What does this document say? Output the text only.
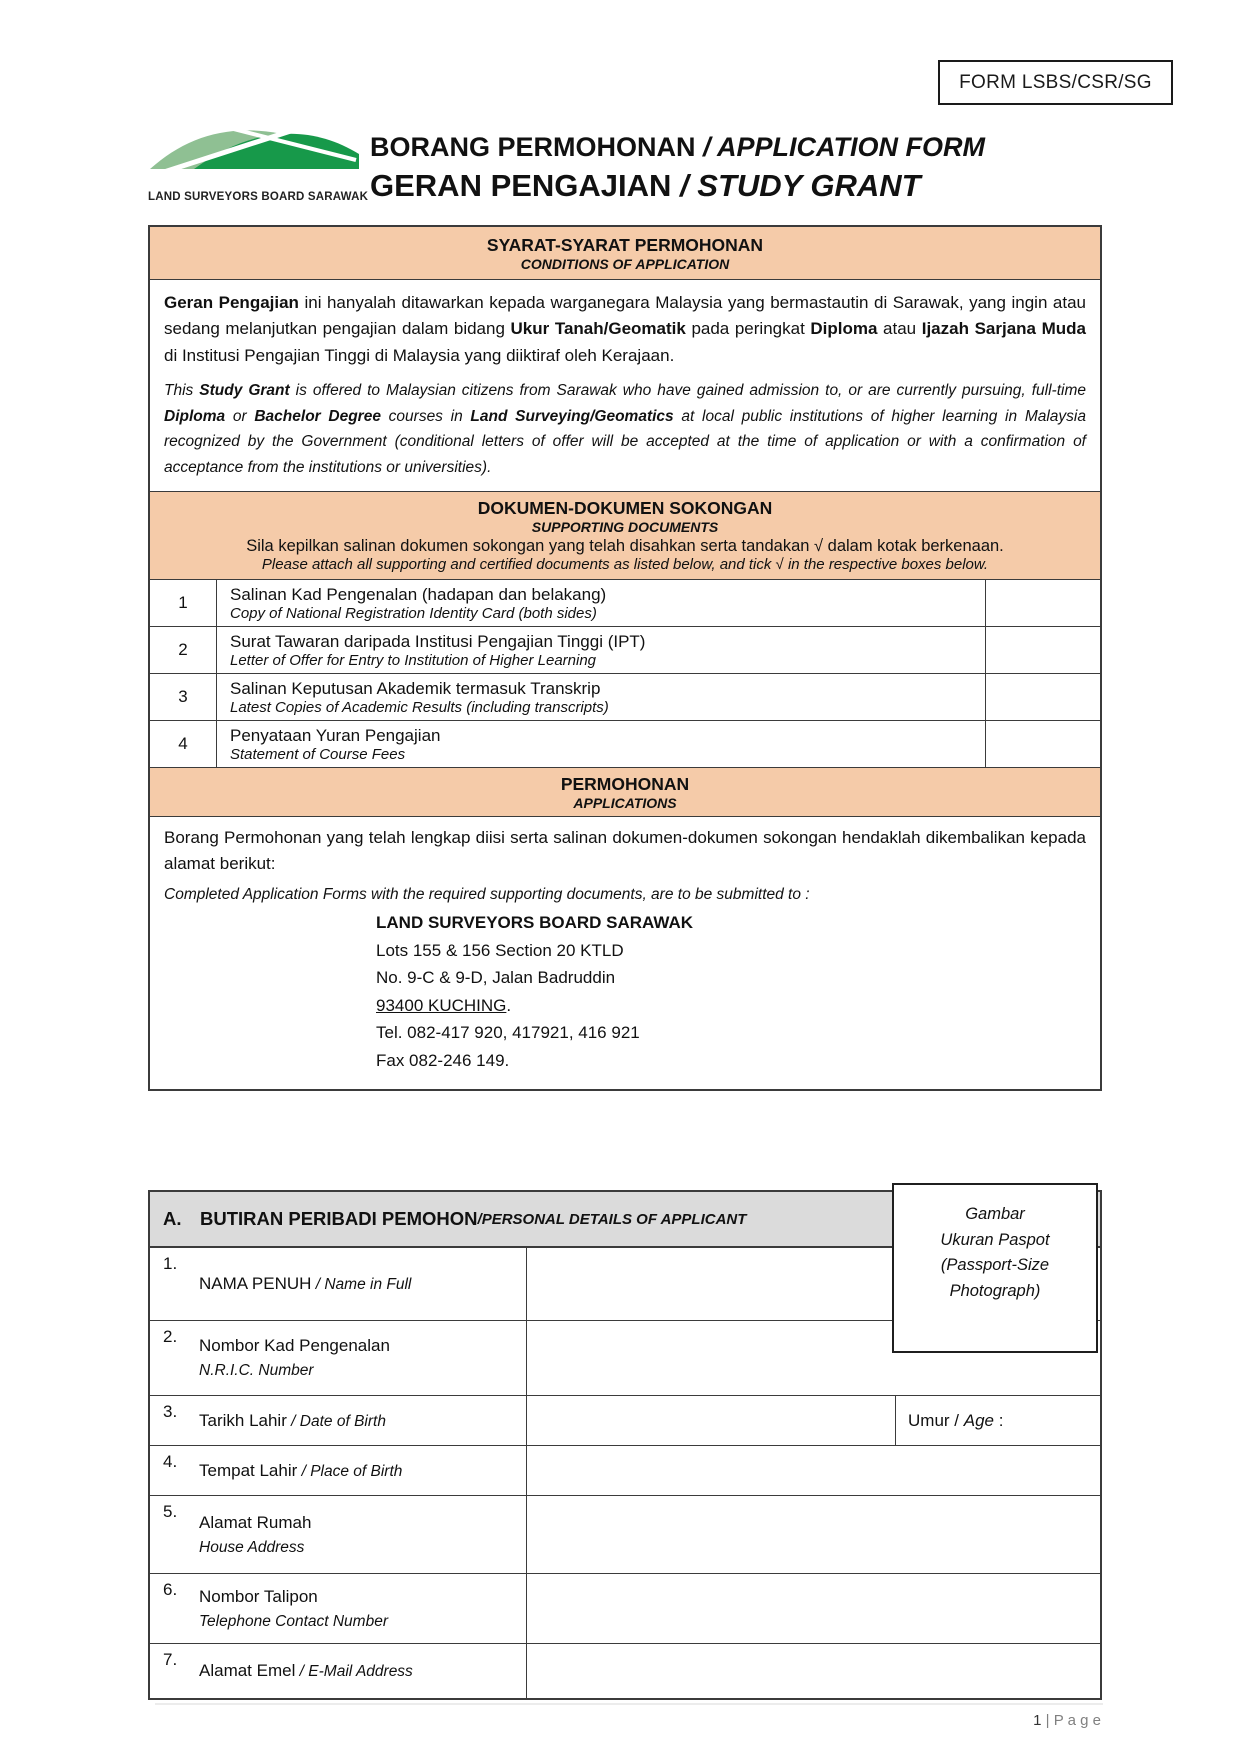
FORM LSBS/CSR/SG
LAND SURVEYORS BOARD SARAWAK
BORANG PERMOHONAN / APPLICATION FORM
GERAN PENGAJIAN / STUDY GRANT
SYARAT-SYARAT PERMOHONAN
CONDITIONS OF APPLICATION

Geran Pengajian ini hanyalah ditawarkan kepada warganegara Malaysia yang bermastautin di Sarawak, yang ingin atau sedang melanjutkan pengajian dalam bidang Ukur Tanah/Geomatik pada peringkat Diploma atau Ijazah Sarjana Muda di Institusi Pengajian Tinggi di Malaysia yang diiktiraf oleh Kerajaan.

This Study Grant is offered to Malaysian citizens from Sarawak who have gained admission to, or are currently pursuing, full-time Diploma or Bachelor Degree courses in Land Surveying/Geomatics at local public institutions of higher learning in Malaysia recognized by the Government (conditional letters of offer will be accepted at the time of application or with a confirmation of acceptance from the institutions or universities).

DOKUMEN-DOKUMEN SOKONGAN
SUPPORTING DOCUMENTS
Sila kepilkan salinan dokumen sokongan yang telah disahkan serta tandakan √ dalam kotak berkenaan.
Please attach all supporting and certified documents as listed below, and tick √ in the respective boxes below.
1	Salinan Kad Pengenalan (hadapan dan belakang)
Copy of National Registration Identity Card (both sides)
2	Surat Tawaran daripada Institusi Pengajian Tinggi (IPT)
Letter of Offer for Entry to Institution of Higher Learning
3	Salinan Keputusan Akademik termasuk Transkrip
Latest Copies of Academic Results (including transcripts)
4	Penyataan Yuran Pengajian
Statement of Course Fees
PERMOHONAN
APPLICATIONS

Borang Permohonan yang telah lengkap diisi serta salinan dokumen-dokumen sokongan hendaklah dikembalikan kepada alamat berikut:

Completed Application Forms with the required supporting documents, are to be submitted to :

LAND SURVEYORS BOARD SARAWAK
Lots 155 & 156 Section 20 KTLD
No. 9-C & 9-D, Jalan Badruddin
93400 KUCHING.
Tel. 082-417 920, 417921, 416 921
Fax 082-246 149.
A.	BUTIRAN PERIBADI PEMOHON / PERSONAL DETAILS OF APPLICANT
1.
NAMA PENUH / Name in Full
2.	Nombor Kad Pengenalan
N.R.I.C. Number
3.	Tarikh Lahir / Date of Birth	Umur / Age :
4.	Tempat Lahir / Place of Birth
5.
Alamat Rumah
House Address
6.	Nombor Talipon
Telephone Contact Number
7.
Alamat Emel / E-Mail Address
Gambar
Ukuran Paspot
(Passport-Size
Photograph)
1 | P a g e
